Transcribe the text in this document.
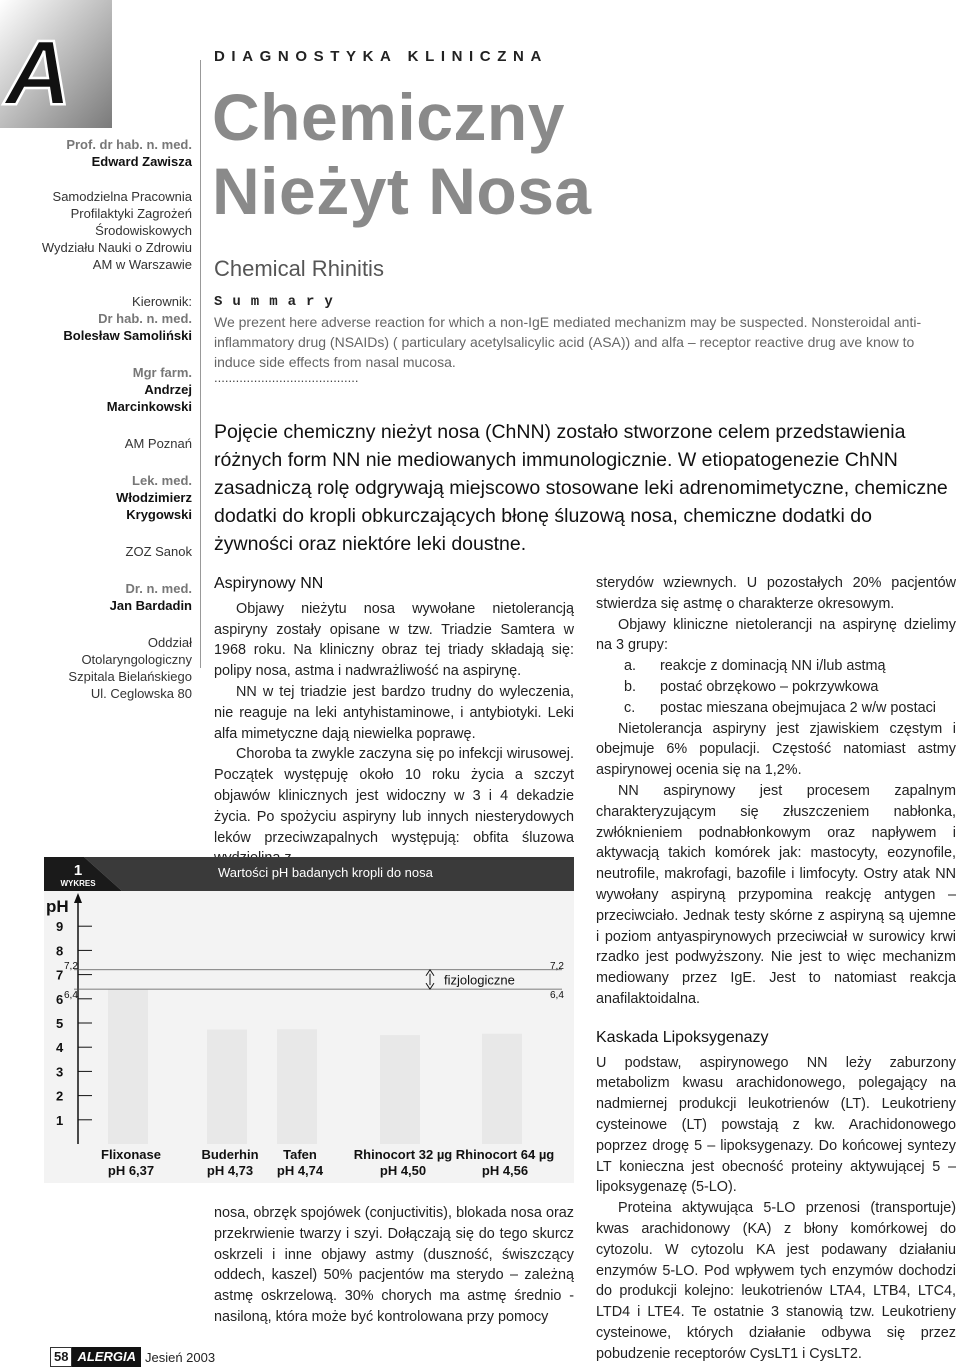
A
Prof. dr hab. n. med.
Edward Zawisza
Samodzielna Pracownia
Profilaktyki Zagrożeń
Środowiskowych
Wydziału Nauki o Zdrowiu
AM w Warszawie
Kierownik:
Dr hab. n. med.
Bolesław Samoliński
Mgr farm.
Andrzej
Marcinkowski
AM Poznań
Lek. med.
Włodzimierz
Krygowski
ZOZ Sanok
Dr. n. med.
Jan Bardadin
Oddział
Otolaryngologiczny
Szpitala Bielańskiego
Ul. Ceglowska 80
DIAGNOSTYKA KLINICZNA
Chemiczny
Nieżyt Nosa
Chemical Rhinitis
Summary
We prezent here adverse reaction for which a non-IgE mediated mechanizm may be suspected. Nonsteroidal anti-inflammatory drug (NSAIDs) ( particulary acetylsalicylic acid (ASA)) and alfa – receptor reactive drug ave know to induce side effects from nasal mucosa.
........................................
Pojęcie chemiczny nieżyt nosa (ChNN) zostało stworzone celem przedstawienia różnych form NN nie mediowanych immunologicznie. W etiopatogenezie ChNN zasadniczą rolę odgrywają miejscowo stosowane leki adrenomimetyczne, chemiczne dodatki do kropli obkurczających błonę śluzową nosa, chemiczne dodatki do żywności oraz niektóre leki doustne.
Aspirynowy NN

Objawy nieżytu nosa wywołane nietolerancją aspiryny zostały opisane w tzw. Triadzie Samtera w 1968 roku. Na kliniczny obraz tej triady składają się: polipy nosa, astma i nadwrażliwość na aspirynę.

NN w tej triadzie jest bardzo trudny do wyleczenia, nie reaguje na leki antyhistaminowe, i antybiotyki. Leki alfa mimetyczne dają niewielka poprawę.

Choroba ta zwykle zaczyna się po infekcji wirusowej. Początek występuję około 10 roku życia a szczyt objawów klinicznych jest widoczny w 3 i 4 dekadzie życia. Po spożyciu aspiryny lub innych niesterydowych leków przeciwzapalnych występują: obfita śluzowa

1
WYKRES
Wartości pH badanych kropli do nosa
pH
1
2
3
4
5
6
7
8
9
7,2
6,4
7,2
6,4
fizjologiczne
Flixonase
pH 6,37
Buderhin
pH 4,73
Tafen
pH 4,74
Rhinocort 32 µg
pH 4,50
Rhinocort 64 µg
pH 4,56

nosa, obrzęk spojówek (conjuctivitis), blokada nosa oraz przekrwienie twarzy i szyi. Dołączają się do tego skurcz oskrzeli i inne objawy astmy (duszność, świszczący oddech, kaszel) 50% pacjentów ma sterydo – zależną astmę oskrzelową. 30% chorych ma astmę średnio - nasiloną, która może być kontrolowana przy pomocy

sterydów wziewnych. U pozostałych 20% pacjentów stwierdza się astmę o charakterze okresowym.

Objawy kliniczne nietolerancji na aspirynę dzielimy na 3 grupy:

a.	reakcje z dominacją NN i/lub astmą
b.	postać obrzękowo – pokrzywkowa
c.	postac mieszana obejmujaca 2 w/w postaci

Nietolerancja aspiryny jest zjawiskiem częstym i obejmuje 6% populacji. Częstość natomiast astmy aspirynowej ocenia się na 1,2%.

NN aspirynowy jest procesem zapalnym charakteryzującym się złuszczeniem nabłonka, zwłóknieniem podnabłonkowym oraz napływem i aktywacją takich komórek jak: mastocyty, eozynofile, neutrofile, makrofagi, bazofile i limfocyty. Ostry atak NN wywołany aspiryną przypomina reakcję antygen – przeciwciało. Jednak testy skórne z aspiryną są ujemne i poziom antyaspirynowych przeciwciał w surowicy krwi rzadko jest podwyższony. Nie jest to więc mechanizm mediowany przez IgE. Jest to natomiast reakcja anafilaktoidalna.

Kaskada Lipoksygenazy

U podstaw, aspirynowego NN leży zaburzony metabolizm kwasu arachidonowego, polegający na nadmiernej produkcji leukotrienów (LT). Leukotrieny cysteinowe (LT) powstają z kw. Arachidonowego poprzez drogę 5 – lipoksygenazy. Do końcowej syntezy LT konieczna jest obecność proteiny aktywującej 5 – lipoksygenazę (5-LO).

Proteina aktywująca 5-LO przenosi (transportuje) kwas arachidonowy (KA) z błony komórkowej do cytozolu. W cytozolu KA jest podawany działaniu enzymów 5-LO. Pod wpływem tych enzymów dochodzi do produkcji kolejno: leukotrienów LTA4, LTB4, LTC4, LTD4 i LTE4. Te ostatnie 3 stanowią tzw. Leukotrieny cysteinowe, których działanie odbywa się przez pobudzenie receptorów CysLT1 i CysLT2.

58 ALERGIA Jesień 2003
